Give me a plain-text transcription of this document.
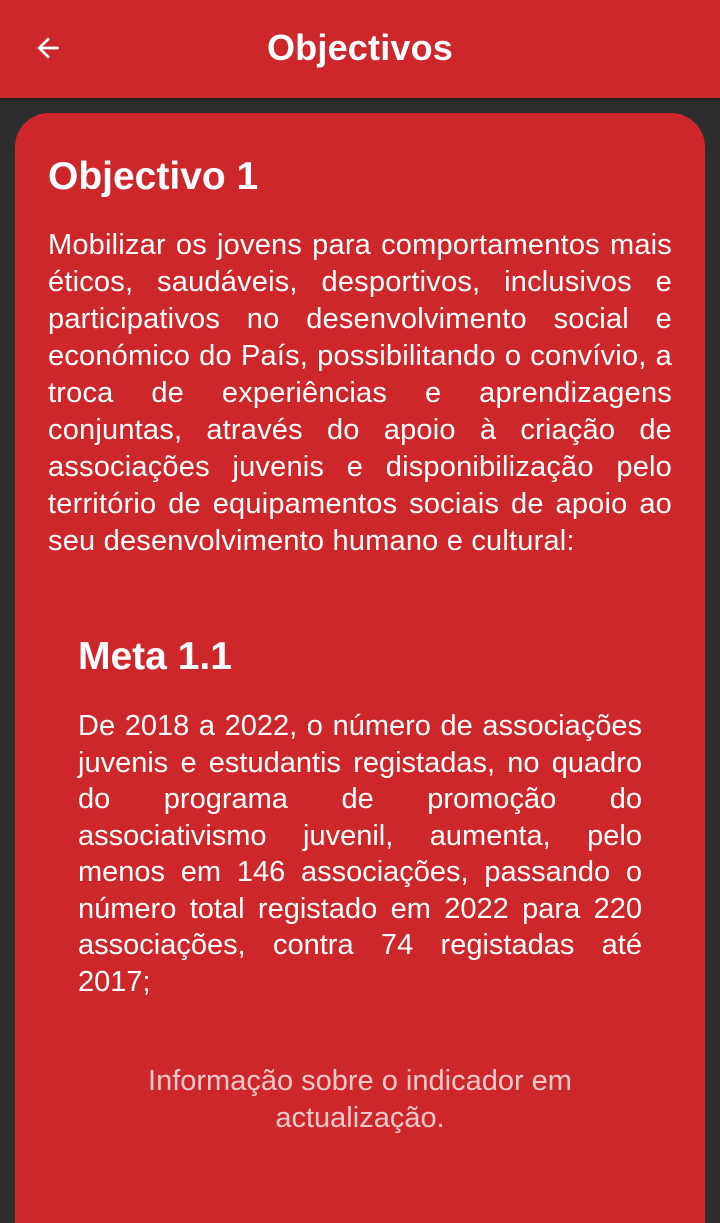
Objectivos
Objectivo 1

Mobilizar os jovens para comportamentos mais éticos, saudáveis, desportivos, inclusivos e participativos no desenvolvimento social e económico do País, possibilitando o convívio, a troca de experiências e aprendizagens conjuntas, através do apoio à criação de associações juvenis e disponibilização pelo território de equipamentos sociais de apoio ao seu desenvolvimento humano e cultural:

Meta 1.1

De 2018 a 2022, o número de associações juvenis e estudantis registadas, no quadro do programa de promoção do associativismo juvenil, aumenta, pelo menos em 146 associações, passando o número total registado em 2022 para 220 associações, contra 74 registadas até 2017;

Informação sobre o indicador em actualização.
